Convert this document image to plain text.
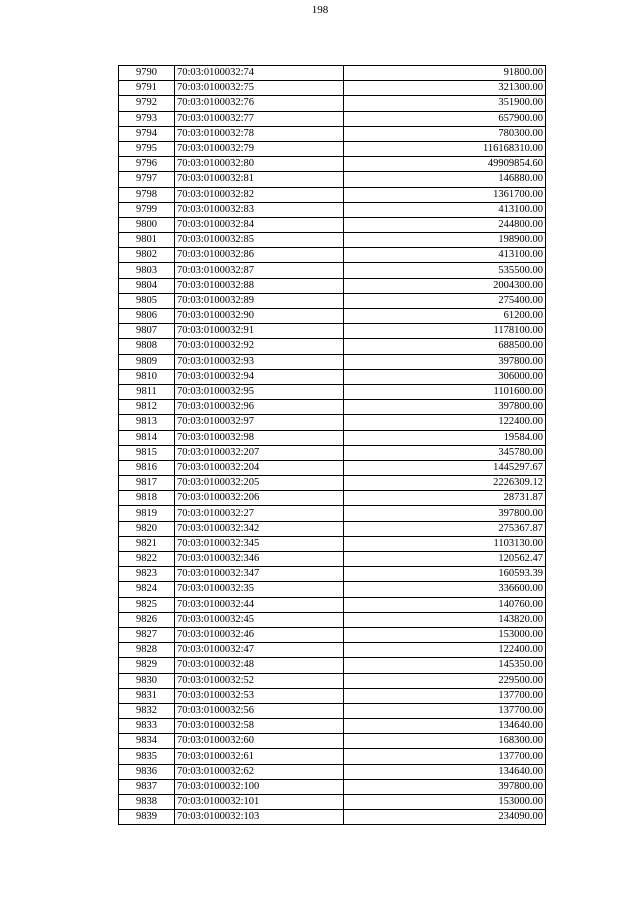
198
9790	70:03:0100032:74	91800.00
9791	70:03:0100032:75	321300.00
9792	70:03:0100032:76	351900.00
9793	70:03:0100032:77	657900.00
9794	70:03:0100032:78	780300.00
9795	70:03:0100032:79	116168310.00
9796	70:03:0100032:80	49909854.60
9797	70:03:0100032:81	146880.00
9798	70:03:0100032:82	1361700.00
9799	70:03:0100032:83	413100.00
9800	70:03:0100032:84	244800.00
9801	70:03:0100032:85	198900.00
9802	70:03:0100032:86	413100.00
9803	70:03:0100032:87	535500.00
9804	70:03:0100032:88	2004300.00
9805	70:03:0100032:89	275400.00
9806	70:03:0100032:90	61200.00
9807	70:03:0100032:91	1178100.00
9808	70:03:0100032:92	688500.00
9809	70:03:0100032:93	397800.00
9810	70:03:0100032:94	306000.00
9811	70:03:0100032:95	1101600.00
9812	70:03:0100032:96	397800.00
9813	70:03:0100032:97	122400.00
9814	70:03:0100032:98	19584.00
9815	70:03:0100032:207	345780.00
9816	70:03:0100032:204	1445297.67
9817	70:03:0100032:205	2226309.12
9818	70:03:0100032:206	28731.87
9819	70:03:0100032:27	397800.00
9820	70:03:0100032:342	275367.87
9821	70:03:0100032:345	1103130.00
9822	70:03:0100032:346	120562.47
9823	70:03:0100032:347	160593.39
9824	70:03:0100032:35	336600.00
9825	70:03:0100032:44	140760.00
9826	70:03:0100032:45	143820.00
9827	70:03:0100032:46	153000.00
9828	70:03:0100032:47	122400.00
9829	70:03:0100032:48	145350.00
9830	70:03:0100032:52	229500.00
9831	70:03:0100032:53	137700.00
9832	70:03:0100032:56	137700.00
9833	70:03:0100032:58	134640.00
9834	70:03:0100032:60	168300.00
9835	70:03:0100032:61	137700.00
9836	70:03:0100032:62	134640.00
9837	70:03:0100032:100	397800.00
9838	70:03:0100032:101	153000.00
9839	70:03:0100032:103	234090.00
